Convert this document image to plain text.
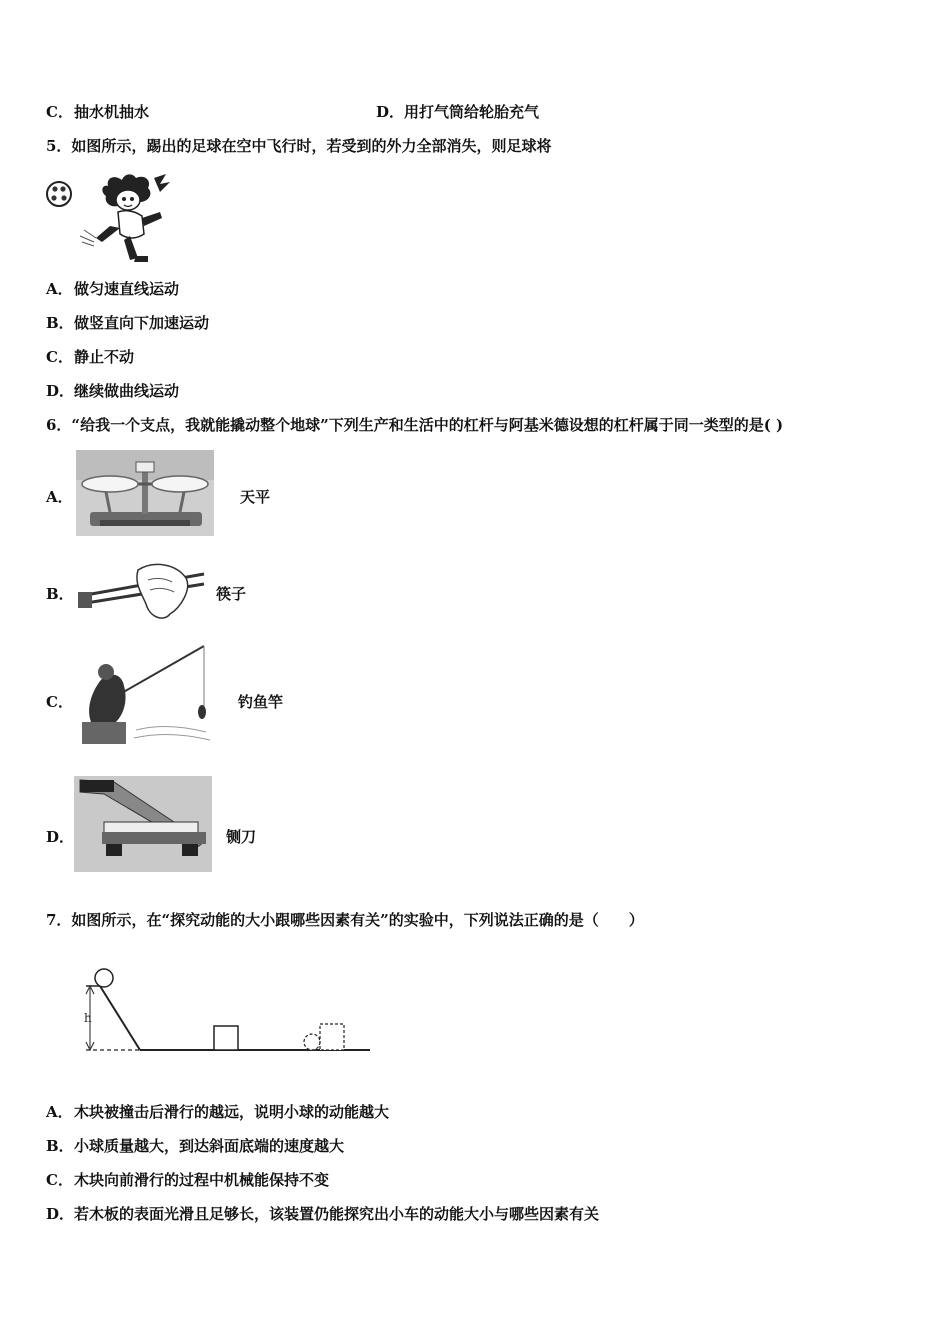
C．抽水机抽水	D．用打气筒给轮胎充气
5．如图所示，踢出的足球在空中飞行时，若受到的外力全部消失，则足球将
A．做匀速直线运动
B．做竖直向下加速运动
C．静止不动
D．继续做曲线运动
6．“给我一个支点，我就能撬动整个地球”下列生产和生活中的杠杆与阿基米德设想的杠杆属于同一类型的是( )
A．	天平
B．	筷子
C．	钓鱼竿
D．	铡刀
7．如图所示，在“探究动能的大小跟哪些因素有关”的实验中，下列说法正确的是（　　）
h
A．木块被撞击后滑行的越远，说明小球的动能越大
B．小球质量越大，到达斜面底端的速度越大
C．木块向前滑行的过程中机械能保持不变
D．若木板的表面光滑且足够长，该装置仍能探究出小车的动能大小与哪些因素有关
